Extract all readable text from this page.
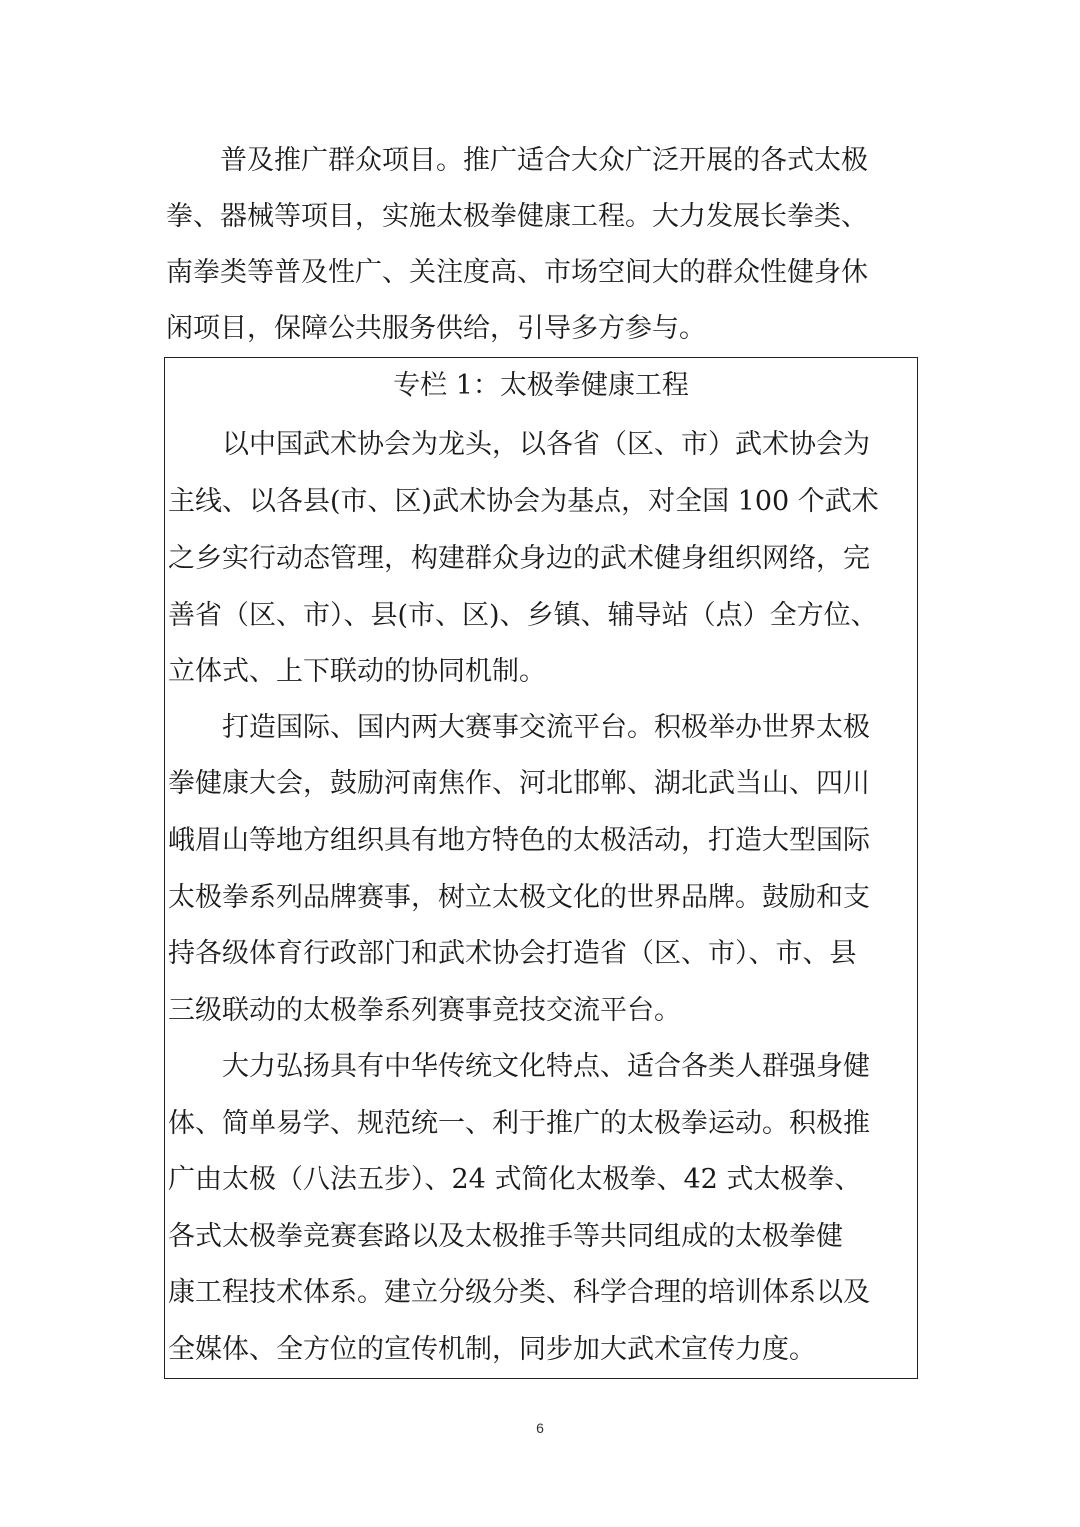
普及推广群众项目。推广适合大众广泛开展的各式太极
拳、器械等项目，实施太极拳健康工程。大力发展长拳类、
南拳类等普及性广、关注度高、市场空间大的群众性健身休
闲项目，保障公共服务供给，引导多方参与。
专栏 1：太极拳健康工程
以中国武术协会为龙头，以各省（区、市）武术协会为
主线、以各县(市、区)武术协会为基点，对全国 100 个武术
之乡实行动态管理，构建群众身边的武术健身组织网络，完
善省（区、市）、县(市、区)、乡镇、辅导站（点）全方位、
立体式、上下联动的协同机制。
打造国际、国内两大赛事交流平台。积极举办世界太极
拳健康大会，鼓励河南焦作、河北邯郸、湖北武当山、四川
峨眉山等地方组织具有地方特色的太极活动，打造大型国际
太极拳系列品牌赛事，树立太极文化的世界品牌。鼓励和支
持各级体育行政部门和武术协会打造省（区、市）、市、县
三级联动的太极拳系列赛事竞技交流平台。
大力弘扬具有中华传统文化特点、适合各类人群强身健
体、简单易学、规范统一、利于推广的太极拳运动。积极推
广由太极（八法五步）、24 式简化太极拳、42 式太极拳、
各式太极拳竞赛套路以及太极推手等共同组成的太极拳健
康工程技术体系。建立分级分类、科学合理的培训体系以及
全媒体、全方位的宣传机制，同步加大武术宣传力度。
6
